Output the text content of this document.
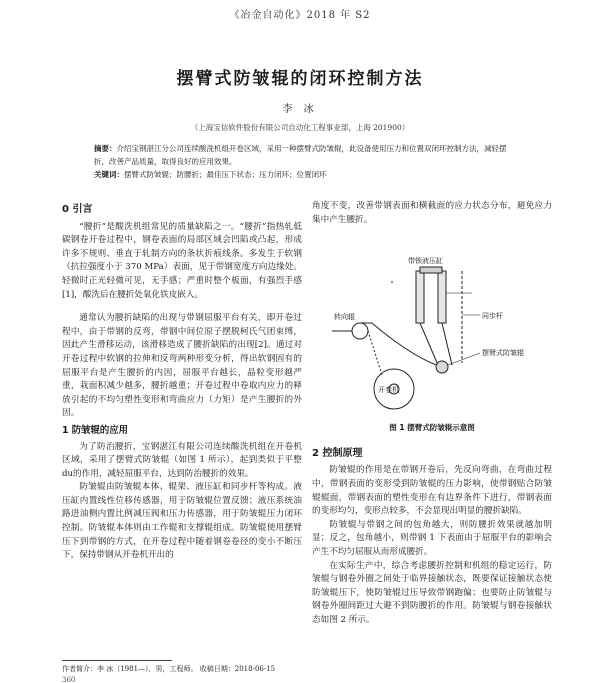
《冶金自动化》2018 年 S2
摆臂式防皱辊的闭环控制方法
李 冰
（上海宝信软件股份有限公司自动化工程事业部，上海 201900）
摘要：介绍宝钢湛江分公司连续酸洗机组开卷区域，采用一种摆臂式防皱辊，此设备使用压力和位置双闭环控制方法，减轻摆折，改善产品质量，取得良好的应用效果。
关键词：摆臂式防皱辊；防腰折；最佳压下状态；压力闭环；位置闭环
0 引言

“腰折”是酸洗机组常见的质量缺陷之一。“腰折”指热轧低碳钢卷开卷过程中，钢卷表面的局部区域会凹陷或凸起，形成许多不规则、垂直于轧制方向的条状折痕线条。多发生于软钢（抗拉强度小于 370 MPa）表面，见于带钢宽度方向边缘处。轻微时正光轻微可见，无手感；严重时整个板面，有强烈手感[1]，酸洗后在腰折处氧化铁皮嵌入。

通常认为腰折缺陷的出现与带钢屈服平台有关，即开卷过程中，由于带钢的反弯，带钢中间位原子摆脱柯氏气团束缚，因此产生滑移运动，该滑移造成了腰折缺陷的出现[2]。通过对开卷过程中软钢的拉伸和反弯两种形变分析，得出软钢固有的屈服平台是产生腰折的内因，屈服平台越长，晶粒变形越严重，栽面积减少越多，腰折越重；开卷过程中卷取内应力的释放引起的不均匀塑性变形和弯曲应力（力矩）是产生腰折的外因。

1 防皱辊的应用

为了防治腰折，宝钢湛江有限公司连续酸洗机组在开卷机区域，采用了摆臂式防皱辊（如图 1 所示），起到类似于平整du的作用，减轻屈服平台，达到防治腰折的效果。

防皱辊由防皱辊本体、辊架、液压缸和同步杆等构成。液压缸内置线性位移传感器，用于防皱辊位置反馈；液压系统油路进油侧内置比例减压阀和压力传感器，用于防皱辊压力闭环控制。防皱辊本体则由工作辊和支撑辊组成。防皱辊使用摆臂压下到带钢的方式，在开卷过程中随着钢卷卷径的变小不断压下，保持带钢从开卷机开出的

角度不变，改善带钢表面和横截面的应力状态分布，避免应力集中产生腰折。

带锁液压缸
同步杆
转向辊
摆臂式防皱辊
开卷机
图 1 摆臂式防皱辊示意图
2 控制原理

防皱辊的作用是在带钢开卷后，先反向弯曲，在弯曲过程中，带钢表面的变形受到防皱辊的压力影响，使带钢贴合防皱辊辊面，带钢表面的塑性变形在有边界条件下进行，带钢表面的变形均匀，变形点较多，不会显现出明显的腰折缺陷。

防皱辊与带钢之间的包角越大，则防腰折效果就越加明显；反之，包角越小，则带钢 1 下表面由于屈服平台的影响会产生不均匀屈服从而形成腰折。

在实际生产中，综合考虑腰折控制和机组的稳定运行，防皱辊与钢卷外圈之间处于临界接触状态，既要保证接触状态使防皱辊压下，使防皱辊过压导致带钢跑偏；也要防止防皱辊与钢卷外圈间距过大避不到防腰折的作用。防皱辊与钢卷接触状态如图 2 所示。

作者简介：李 冰（1981—），男，工程师。 收稿日期：2018-06-15
360
